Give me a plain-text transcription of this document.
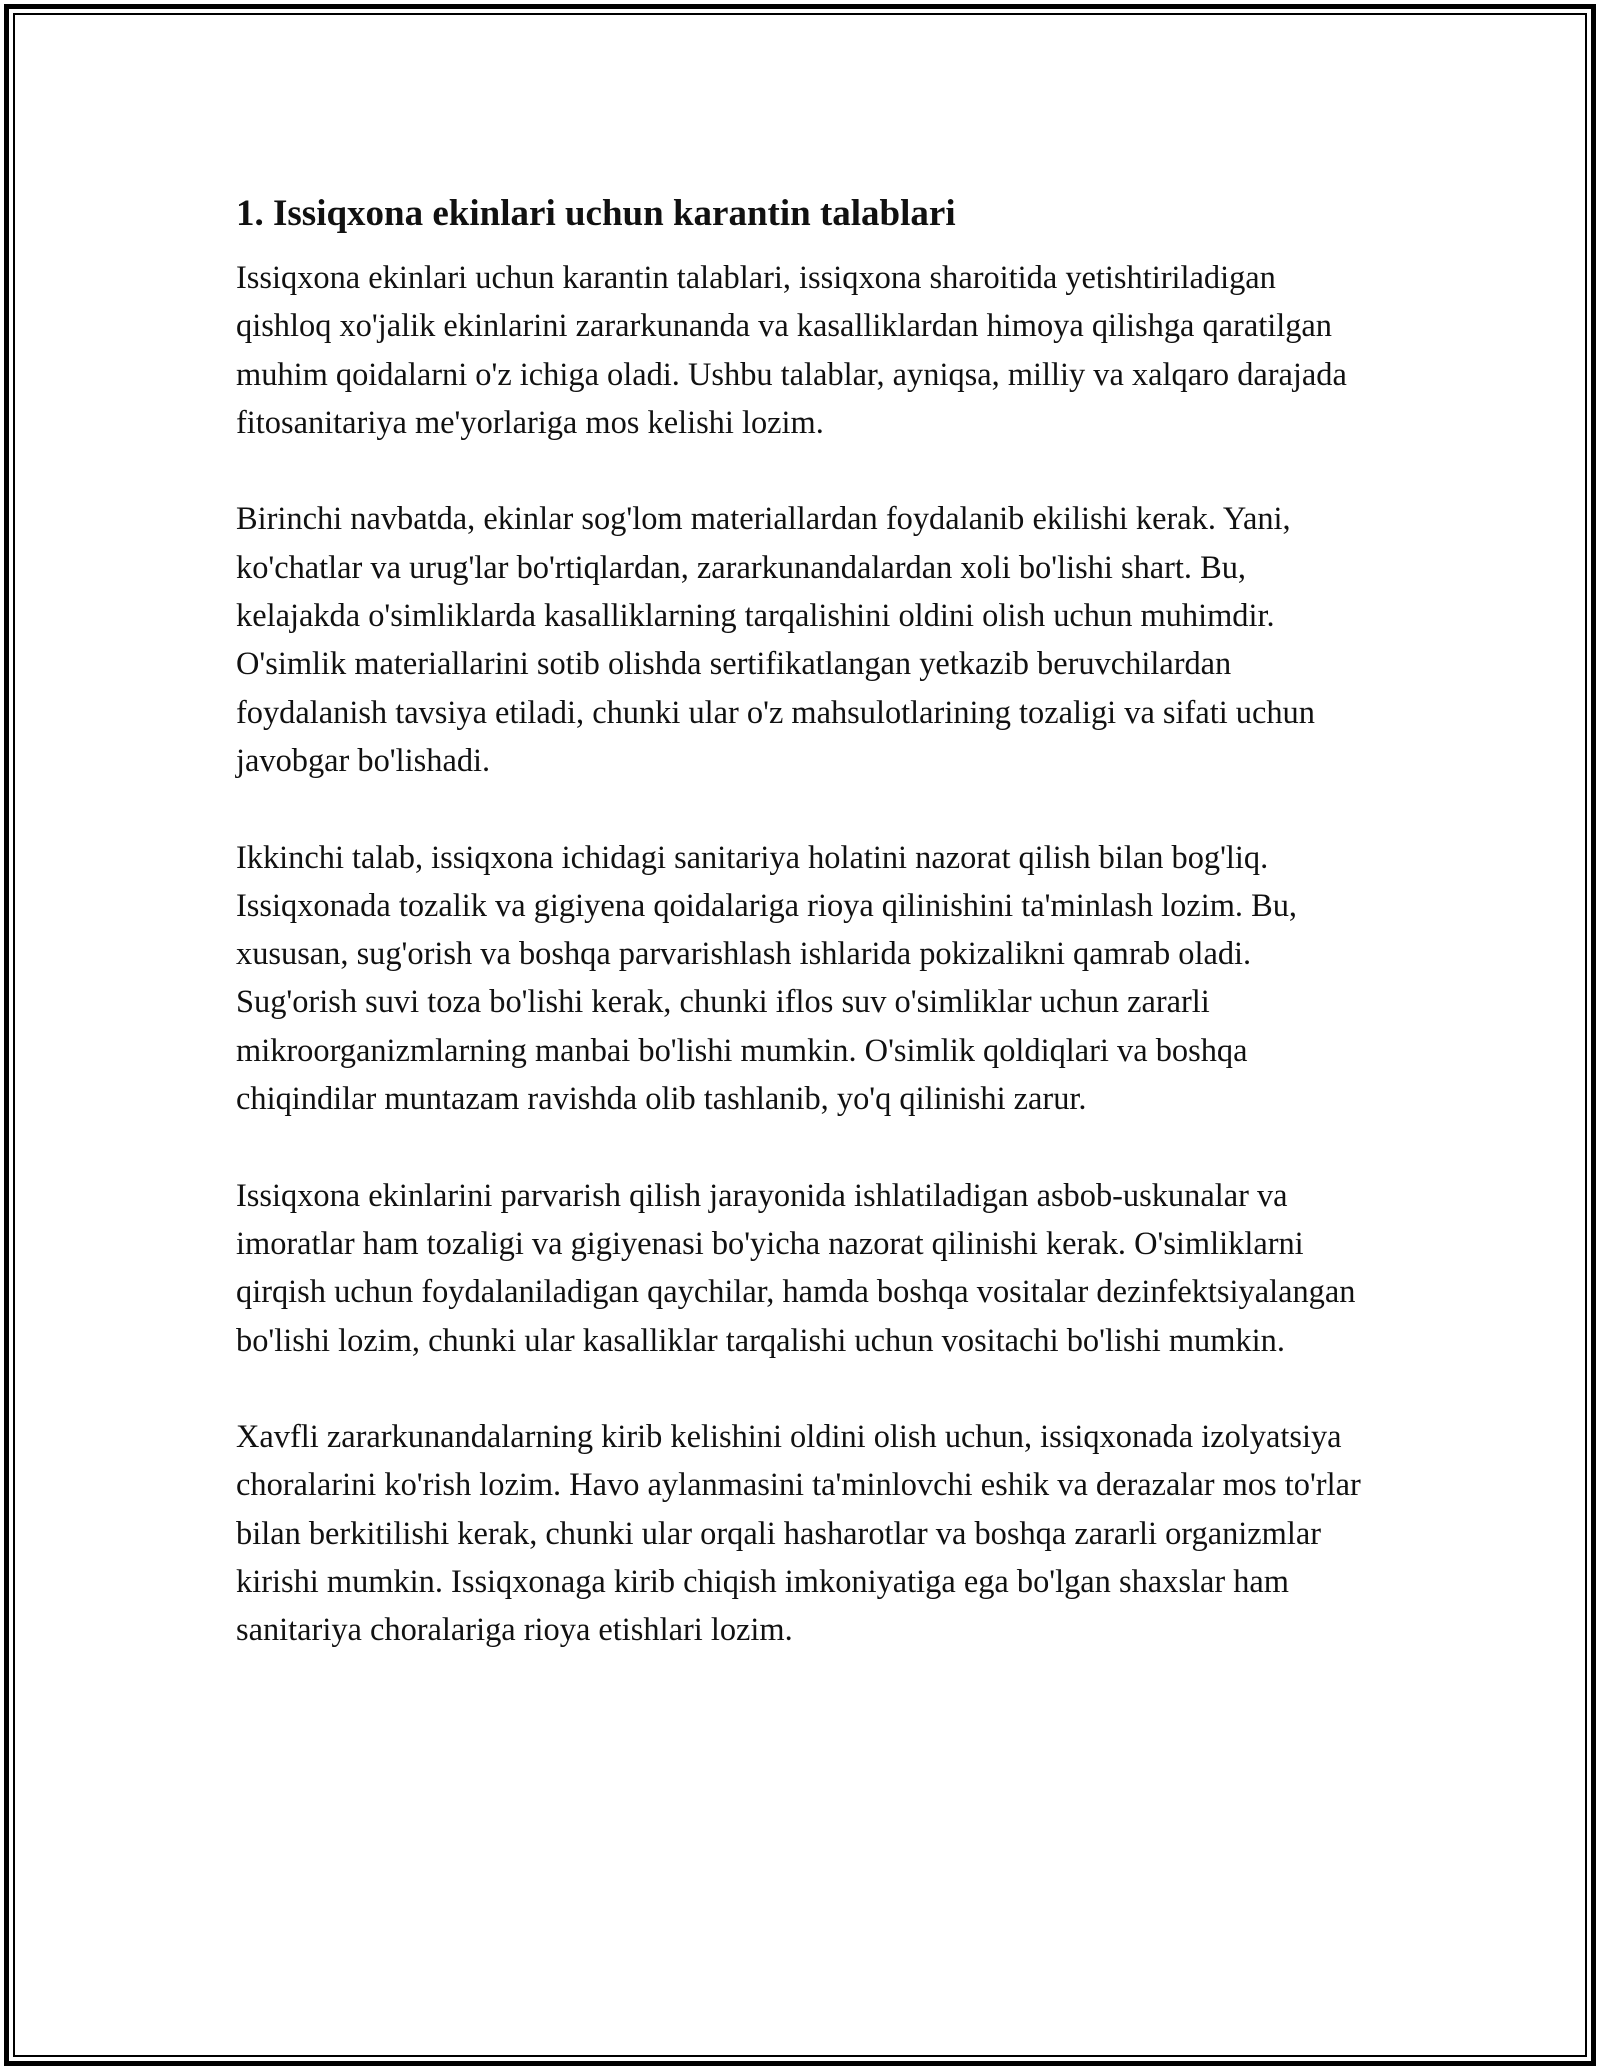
1. Issiqxona ekinlari uchun karantin talablari

Issiqxona ekinlari uchun karantin talablari, issiqxona sharoitida yetishtiriladigan qishloq xo'jalik ekinlarini zararkunanda va kasalliklardan himoya qilishga qaratilgan muhim qoidalarni o'z ichiga oladi. Ushbu talablar, ayniqsa, milliy va xalqaro darajada fitosanitariya me'yorlariga mos kelishi lozim.

Birinchi navbatda, ekinlar sog'lom materiallardan foydalanib ekilishi kerak. Yani, ko'chatlar va urug'lar bo'rtiqlardan, zararkunandalardan xoli bo'lishi shart. Bu, kelajakda o'simliklarda kasalliklarning tarqalishini oldini olish uchun muhimdir. O'simlik materiallarini sotib olishda sertifikatlangan yetkazib beruvchilardan foydalanish tavsiya etiladi, chunki ular o'z mahsulotlarining tozaligi va sifati uchun javobgar bo'lishadi.

Ikkinchi talab, issiqxona ichidagi sanitariya holatini nazorat qilish bilan bog'liq. Issiqxonada tozalik va gigiyena qoidalariga rioya qilinishini ta'minlash lozim. Bu, xususan, sug'orish va boshqa parvarishlash ishlarida pokizalikni qamrab oladi. Sug'orish suvi toza bo'lishi kerak, chunki iflos suv o'simliklar uchun zararli mikroorganizmlarning manbai bo'lishi mumkin. O'simlik qoldiqlari va boshqa chiqindilar muntazam ravishda olib tashlanib, yo'q qilinishi zarur.

Issiqxona ekinlarini parvarish qilish jarayonida ishlatiladigan asbob-uskunalar va imoratlar ham tozaligi va gigiyenasi bo'yicha nazorat qilinishi kerak. O'simliklarni qirqish uchun foydalaniladigan qaychilar, hamda boshqa vositalar dezinfektsiyalangan bo'lishi lozim, chunki ular kasalliklar tarqalishi uchun vositachi bo'lishi mumkin.

Xavfli zararkunandalarning kirib kelishini oldini olish uchun, issiqxonada izolyatsiya choralarini ko'rish lozim. Havo aylanmasini ta'minlovchi eshik va derazalar mos to'rlar bilan berkitilishi kerak, chunki ular orqali hasharotlar va boshqa zararli organizmlar kirishi mumkin. Issiqxonaga kirib chiqish imkoniyatiga ega bo'lgan shaxslar ham sanitariya choralariga rioya etishlari lozim.
